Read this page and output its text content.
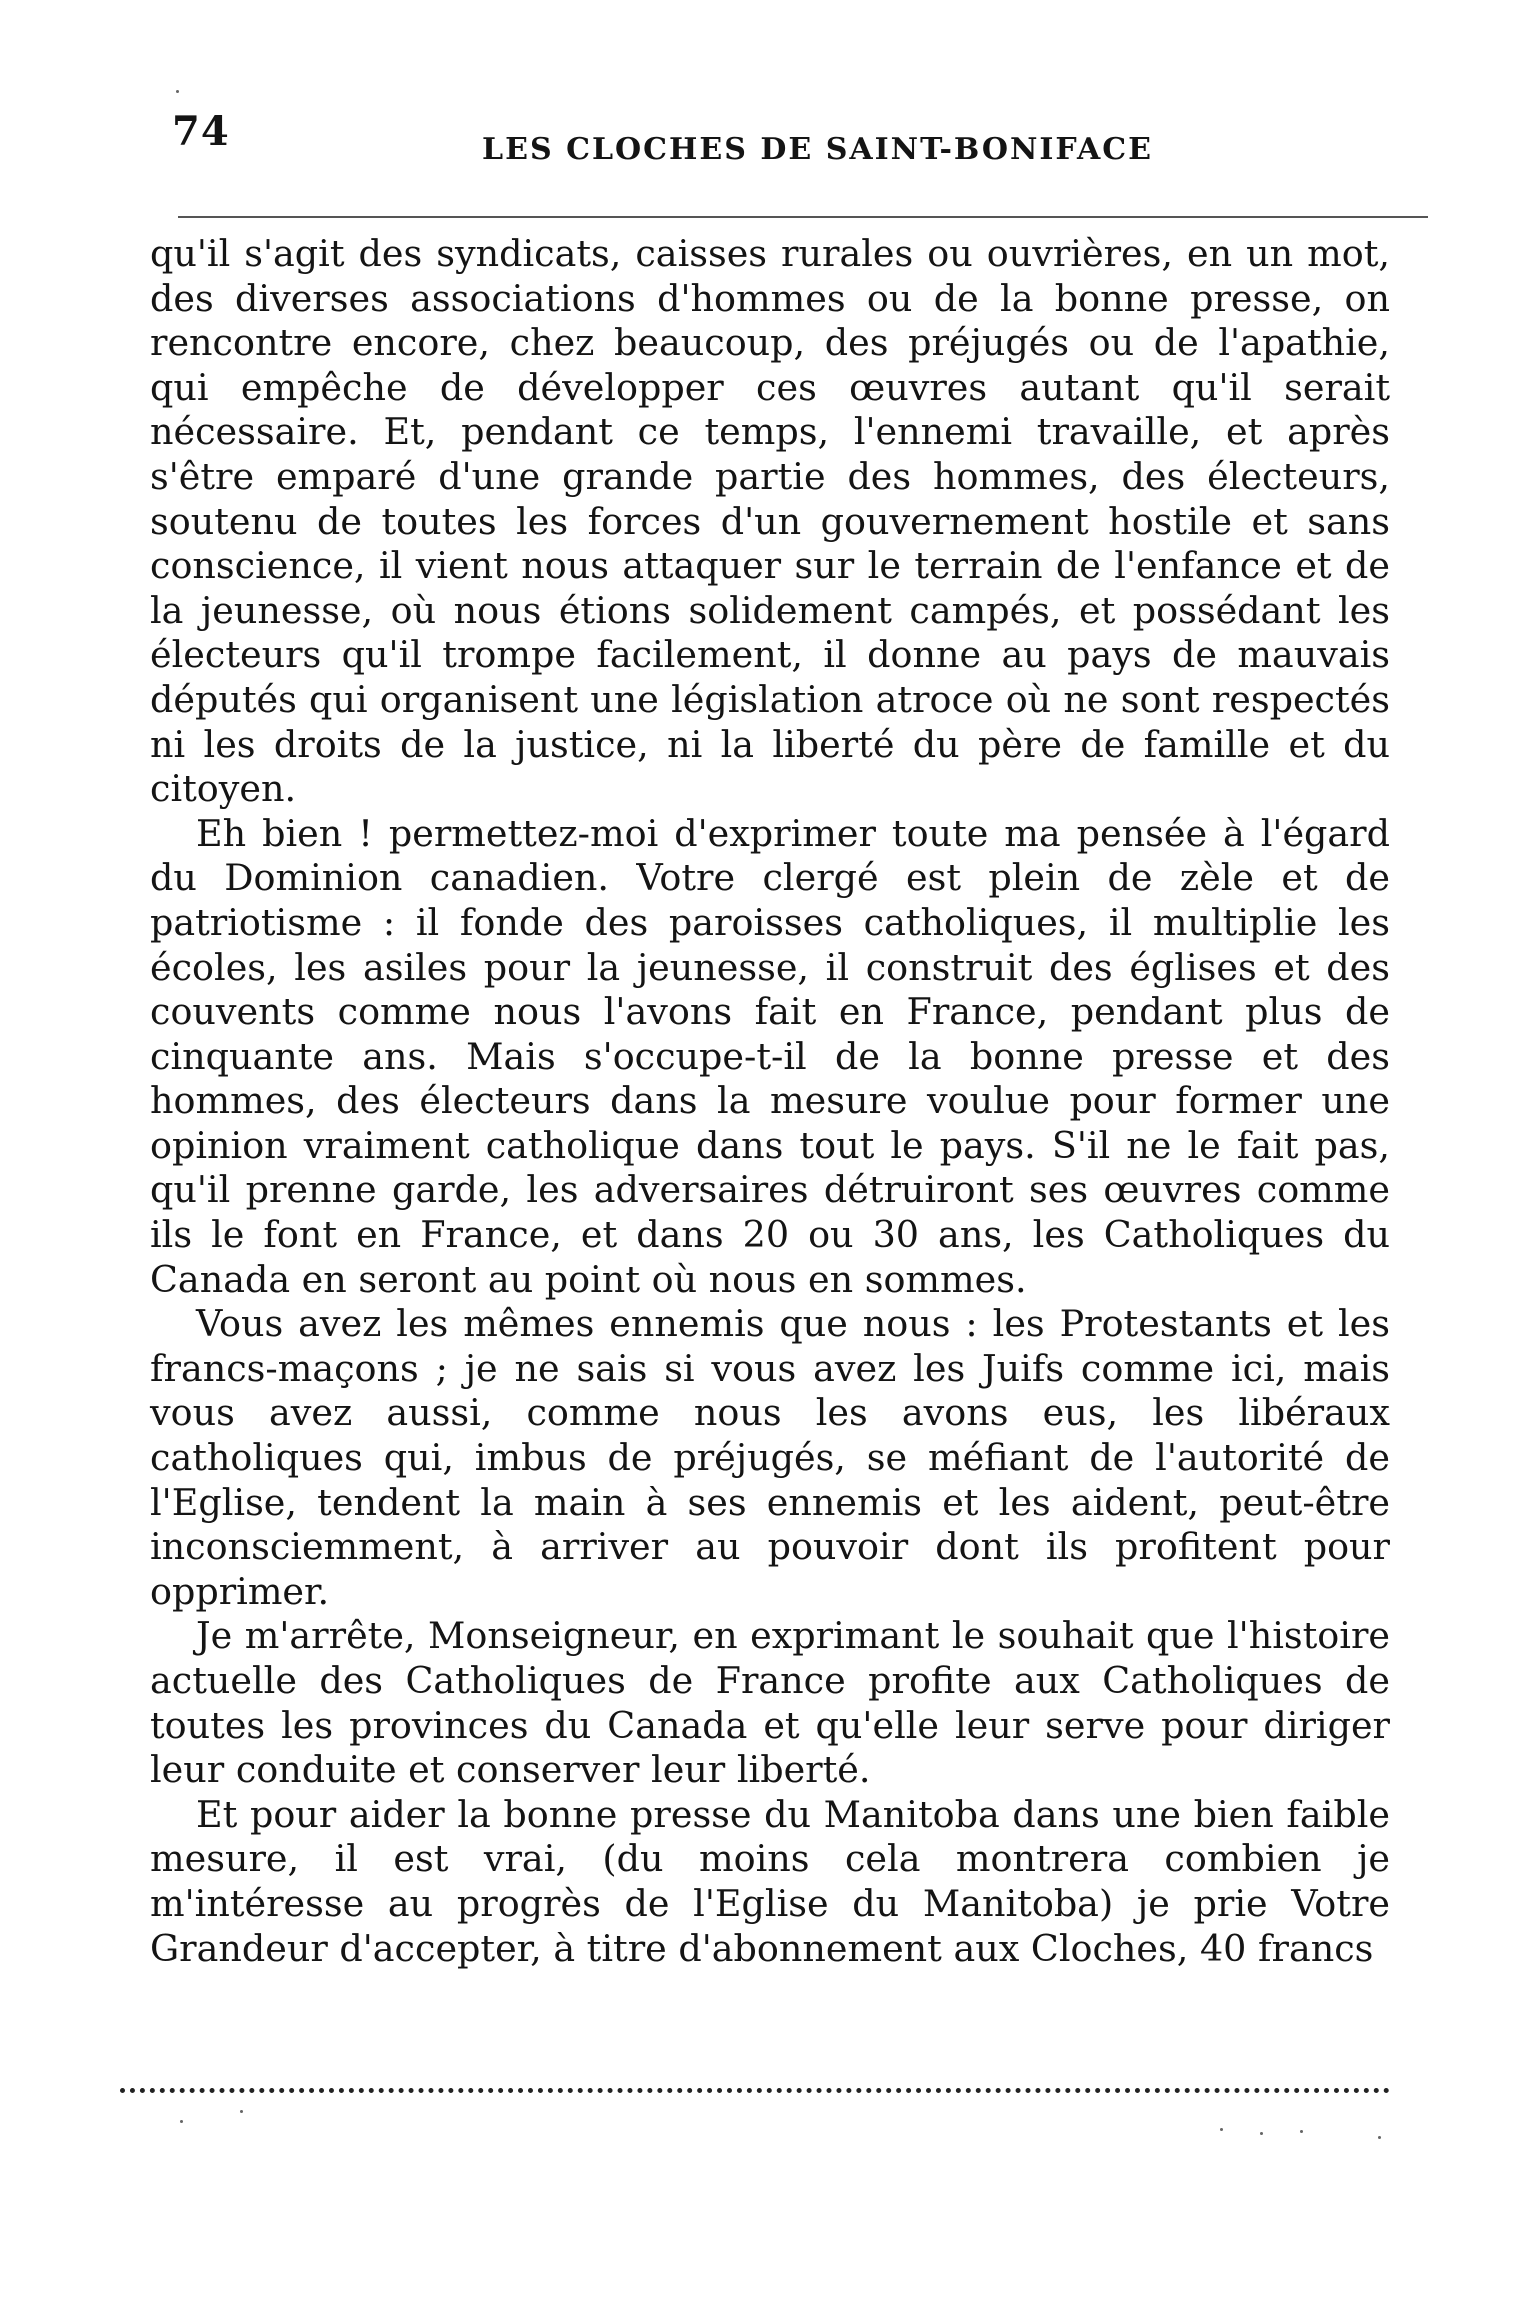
74	LES CLOCHES DE SAINT-BONIFACE

qu'il s'agit des syndicats, caisses rurales ou ouvrières, en un mot, des diverses associations d'hommes ou de la bonne presse, on rencontre encore, chez beaucoup, des préjugés ou de l'apathie, qui empêche de développer ces œuvres autant qu'il serait nécessaire. Et, pendant ce temps, l'ennemi travaille, et après s'être emparé d'une grande partie des hommes, des électeurs, soutenu de toutes les forces d'un gouvernement hostile et sans conscience, il vient nous attaquer sur le terrain de l'enfance et de la jeunesse, où nous étions solidement campés, et possédant les électeurs qu'il trompe facilement, il donne au pays de mauvais députés qui organisent une législation atroce où ne sont respectés ni les droits de la justice, ni la liberté du père de famille et du citoyen.

Eh bien ! permettez-moi d'exprimer toute ma pensée à l'égard du Dominion canadien. Votre clergé est plein de zèle et de patriotisme : il fonde des paroisses catholiques, il multiplie les écoles, les asiles pour la jeunesse, il construit des églises et des couvents comme nous l'avons fait en France, pendant plus de cinquante ans. Mais s'occupe-t-il de la bonne presse et des hommes, des électeurs dans la mesure voulue pour former une opinion vraiment catholique dans tout le pays. S'il ne le fait pas, qu'il prenne garde, les adversaires détruiront ses œuvres comme ils le font en France, et dans 20 ou 30 ans, les Catholiques du Canada en seront au point où nous en sommes.

Vous avez les mêmes ennemis que nous : les Protestants et les francs-maçons ; je ne sais si vous avez les Juifs comme ici, mais vous avez aussi, comme nous les avons eus, les libéraux catholiques qui, imbus de préjugés, se méfiant de l'autorité de l'Eglise, tendent la main à ses ennemis et les aident, peut-être inconsciemment, à arriver au pouvoir dont ils profitent pour opprimer.

Je m'arrête, Monseigneur, en exprimant le souhait que l'histoire actuelle des Catholiques de France profite aux Catholiques de toutes les provinces du Canada et qu'elle leur serve pour diriger leur conduite et conserver leur liberté.

Et pour aider la bonne presse du Manitoba dans une bien faible mesure, il est vrai, (du moins cela montrera combien je m'intéresse au progrès de l'Eglise du Manitoba) je prie Votre Grandeur d'accepter, à titre d'abonnement aux Cloches, 40 francs
